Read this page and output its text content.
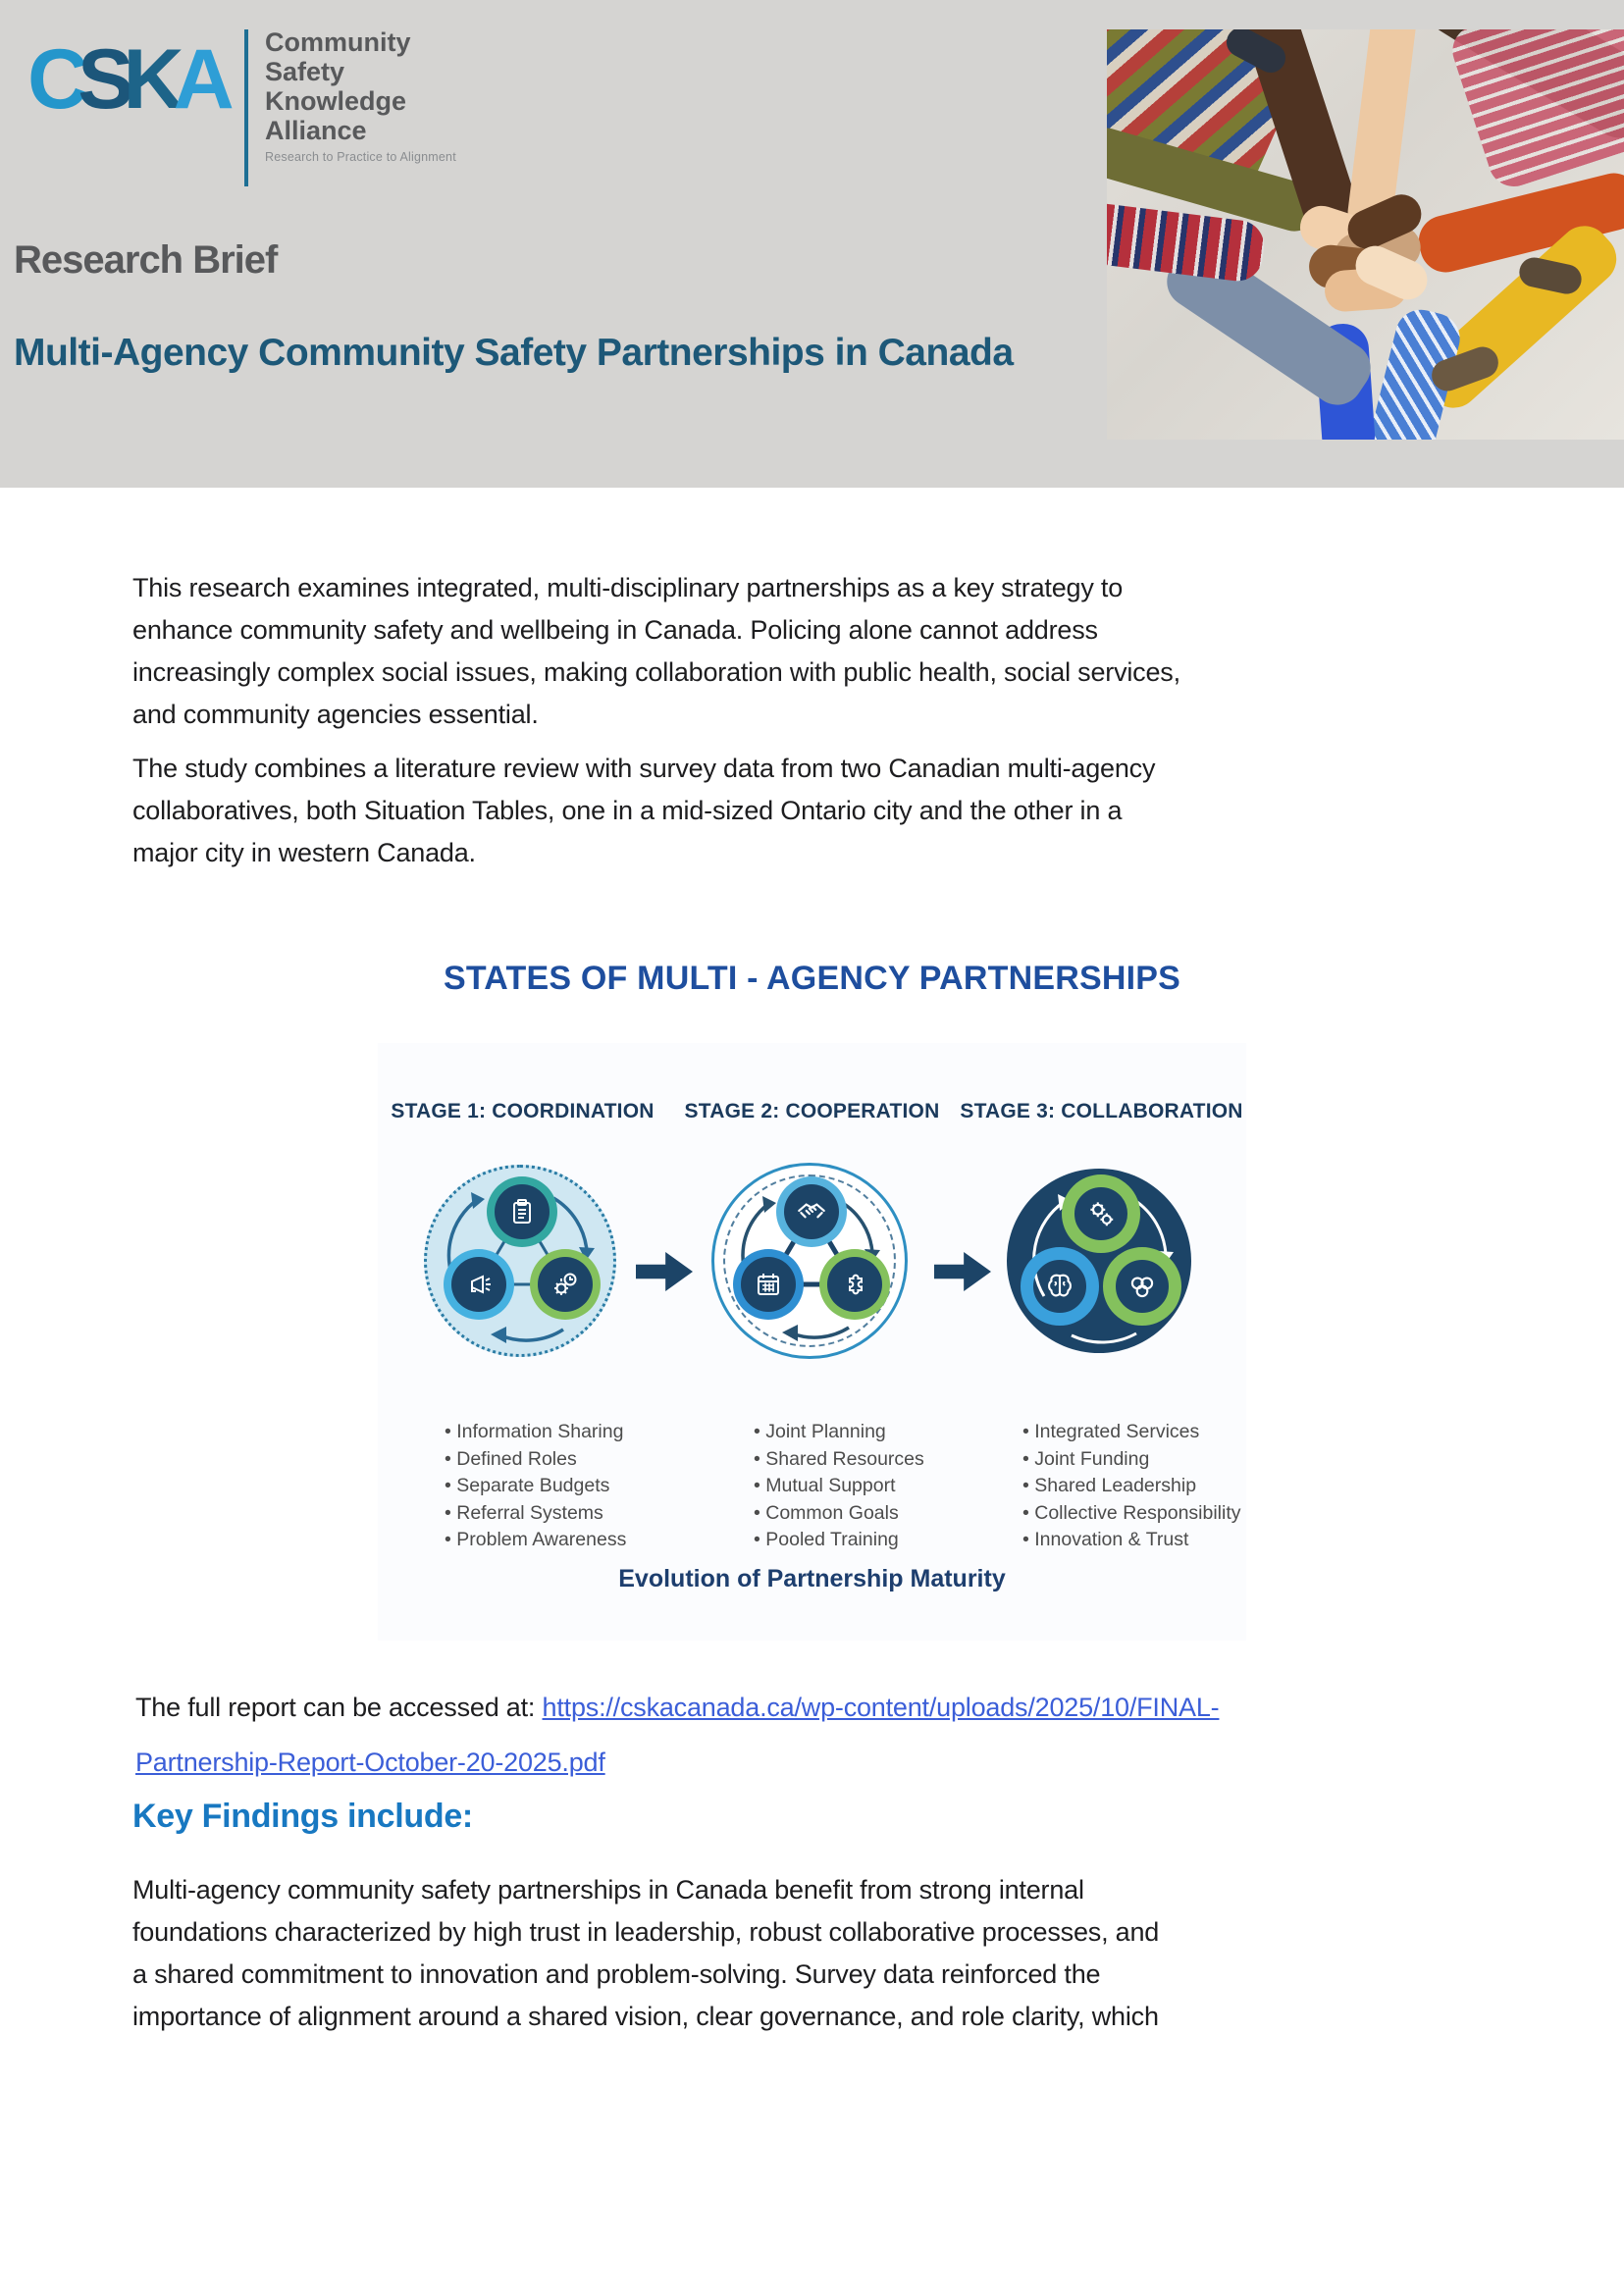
CSKA Community
Safety
Knowledge
Alliance
Research to Practice to Alignment
Research Brief
Multi-Agency Community Safety Partnerships in Canada
This research examines integrated, multi-disciplinary partnerships as a key strategy to
enhance community safety and wellbeing in Canada. Policing alone cannot address
increasingly complex social issues, making collaboration with public health, social services,
and community agencies essential.
The study combines a literature review with survey data from two Canadian multi-agency
collaboratives, both Situation Tables, one in a mid-sized Ontario city and the other in a
major city in western Canada.
STATES OF MULTI - AGENCY PARTNERSHIPS
STAGE 1: COORDINATION	STAGE 2: COOPERATION STAGE 3: COLLABORATION
• Information Sharing
• Defined Roles
• Separate Budgets
• Referral Systems
• Problem Awareness
• Joint Planning
• Shared Resources
• Mutual Support
• Common Goals
• Pooled Training
• Integrated Services
• Joint Funding
• Shared Leadership
• Collective Responsibility
• Innovation & Trust
Evolution of Partnership Maturity
The full report can be accessed at: https://cskacanada.ca/wp-content/uploads/2025/10/FINAL-
Partnership-Report-October-20-2025.pdf
Key Findings include:
Multi-agency community safety partnerships in Canada benefit from strong internal
foundations characterized by high trust in leadership, robust collaborative processes, and
a shared commitment to innovation and problem-solving. Survey data reinforced the
importance of alignment around a shared vision, clear governance, and role clarity, which
